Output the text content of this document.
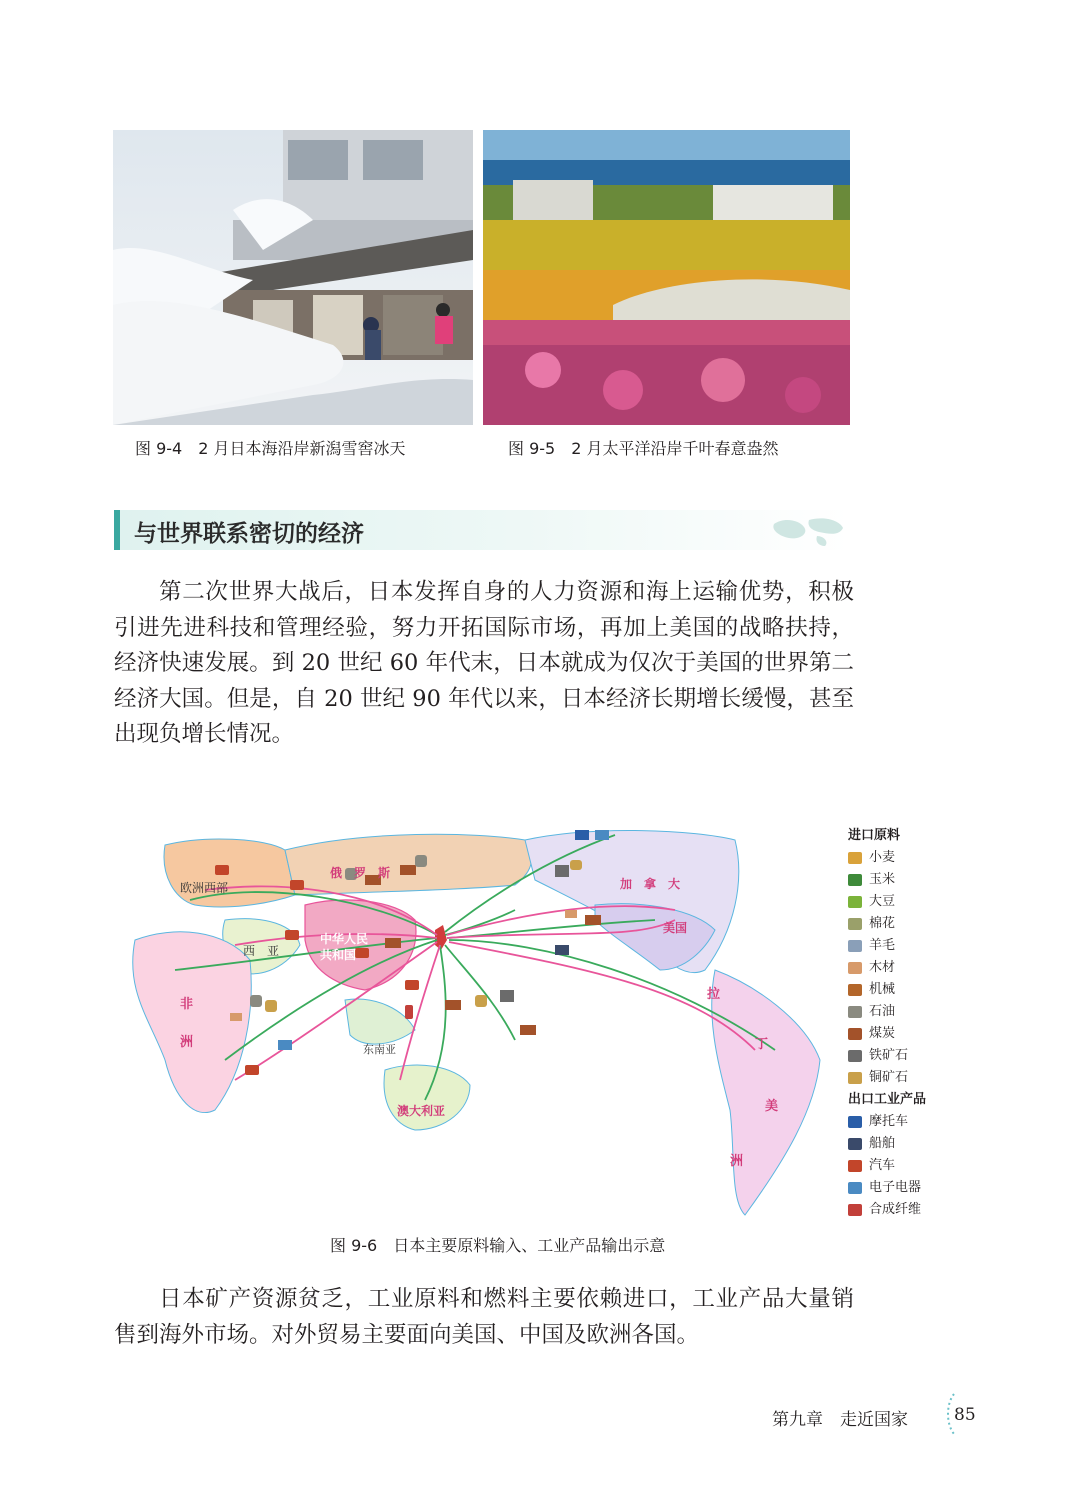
图 9-4　2 月日本海沿岸新潟雪窖冰天	图 9-5　2 月太平洋沿岸千叶春意盎然
与世界联系密切的经济
第二次世界大战后，日本发挥自身的人力资源和海上运输优势，积极引进先进科技和管理经验，努力开拓国际市场，再加上美国的战略扶持，经济快速发展。到 20 世纪 60 年代末，日本就成为仅次于美国的世界第二经济大国。但是，自 20 世纪 90 年代以来，日本经济长期增长缓慢，甚至出现负增长情况。
俄　罗　斯
欧洲西部
西　亚
中华人民
共和国
东南亚
非
洲
加　拿　大
美国
拉
丁
美
洲
澳大利亚
进口原料
小麦
玉米
大豆
棉花
羊毛
木材
机械
石油
煤炭
铁矿石
铜矿石
出口工业产品
摩托车
船舶
汽车
电子电器
合成纤维
图 9-6　日本主要原料输入、工业产品输出示意
日本矿产资源贫乏，工业原料和燃料主要依赖进口，工业产品大量销售到海外市场。对外贸易主要面向美国、中国及欧洲各国。
第九章　走近国家	85
